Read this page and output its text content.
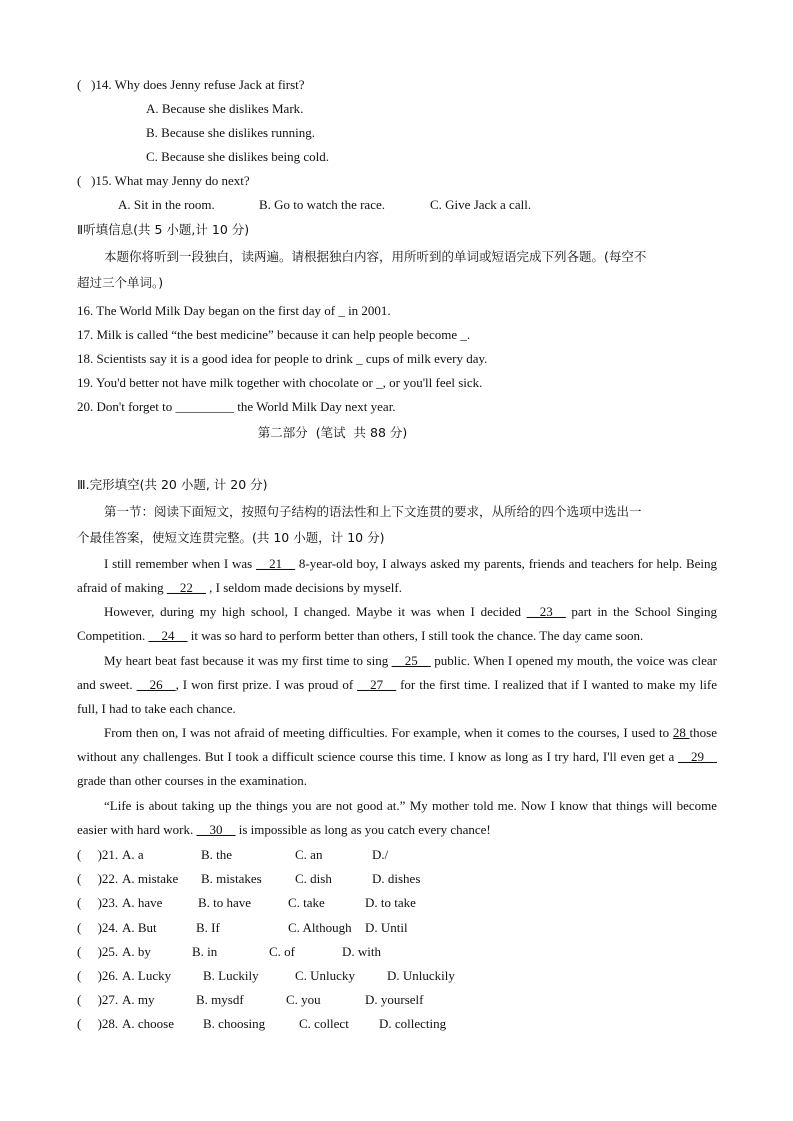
(   )14. Why does Jenny refuse Jack at first?
A. Because she dislikes Mark.
B. Because she dislikes running.
C. Because she dislikes being cold.
(   )15. What may Jenny do next?
A. Sit in the room.	B. Go to watch the race.	C. Give Jack a call.
Ⅱ听填信息(共 5 小题,计 10 分)
本题你将听到一段独白，读两遍。请根据独白内容，用所听到的单词或短语完成下列各题。(每空不
超过三个单词。)
16. The World Milk Day began on the first day of _ in 2001.
17. Milk is called “the best medicine” because it can help people become _.
18. Scientists say it is a good idea for people to drink _ cups of milk every day.
19. You'd better not have milk together with chocolate or _, or you'll feel sick.
20. Don't forget to _________ the World Milk Day next year.
第二部分  (笔试  共 88 分)
Ⅲ.完形填空(共 20 小题, 计 20 分)
第一节：阅读下面短文，按照句子结构的语法性和上下文连贯的要求，从所给的四个选项中选出一
个最佳答案，使短文连贯完整。(共 10 小题，计 10 分)
I still remember when I was __21__ 8-year-old boy, I always asked my parents, friends and teachers for help. Being afraid of making __22__ , I seldom made decisions by myself.
However, during my high school, I changed. Maybe it was when I decided __23__ part in the School Singing Competition. __24__ it was so hard to perform better than others, I still took the chance. The day came soon.
My heart beat fast because it was my first time to sing __25__ public. When I opened my mouth, the voice was clear and sweet. __26__, I won first prize. I was proud of __27__ for the first time. I realized that if I wanted to make my life full, I had to take each chance.
From then on, I was not afraid of meeting difficulties. For example, when it comes to the courses, I used to 28 those without any challenges. But I took a difficult science course this time. I know as long as I try hard, I'll even get a __29__ grade than other courses in the examination.
“Life is about taking up the things you are not good at.” My mother told me. Now I know that things will become easier with hard work. __30__ is impossible as long as you catch every chance!
(     )21. A. a	B. the	C. an	D./
(     )22. A. mistake B. mistakes	C. dish	D. dishes
(     )23. A. have	B. to have	C. take	D. to take
(     )24. A. But	B. If	C. Although D. Until
(     )25. A. by	B. in	C. of	D. with
(     )26. A. Lucky B. Luckily	C. Unlucky D. Unluckily
(     )27. A. my	B. mysdf	C. you	D. yourself
(     )28. A. choose B. choosing	C. collect D. collecting
